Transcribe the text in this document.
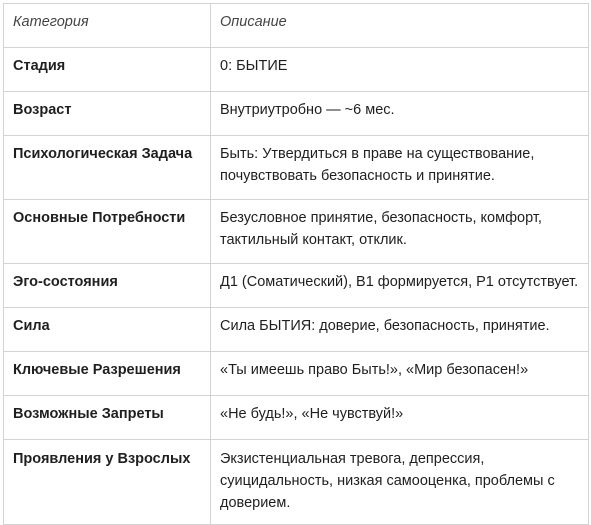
Категория	Описание
Стадия	0: БЫТИЕ
Возраст	Внутриутробно — ~6 мес.
Психологическая Задача	Быть: Утвердиться в праве на существование, почувствовать безопасность и принятие.
Основные Потребности	Безусловное принятие, безопасность, комфорт, тактильный контакт, отклик.
Эго-состояния	Д1 (Соматический), В1 формируется, Р1 отсутствует.
Сила	Сила БЫТИЯ: доверие, безопасность, принятие.
Ключевые Разрешения	«Ты имеешь право Быть!», «Мир безопасен!»
Возможные Запреты	«Не будь!», «Не чувствуй!»
Проявления у Взрослых	Экзистенциальная тревога, депрессия, суицидальность, низкая самооценка, проблемы с доверием.
